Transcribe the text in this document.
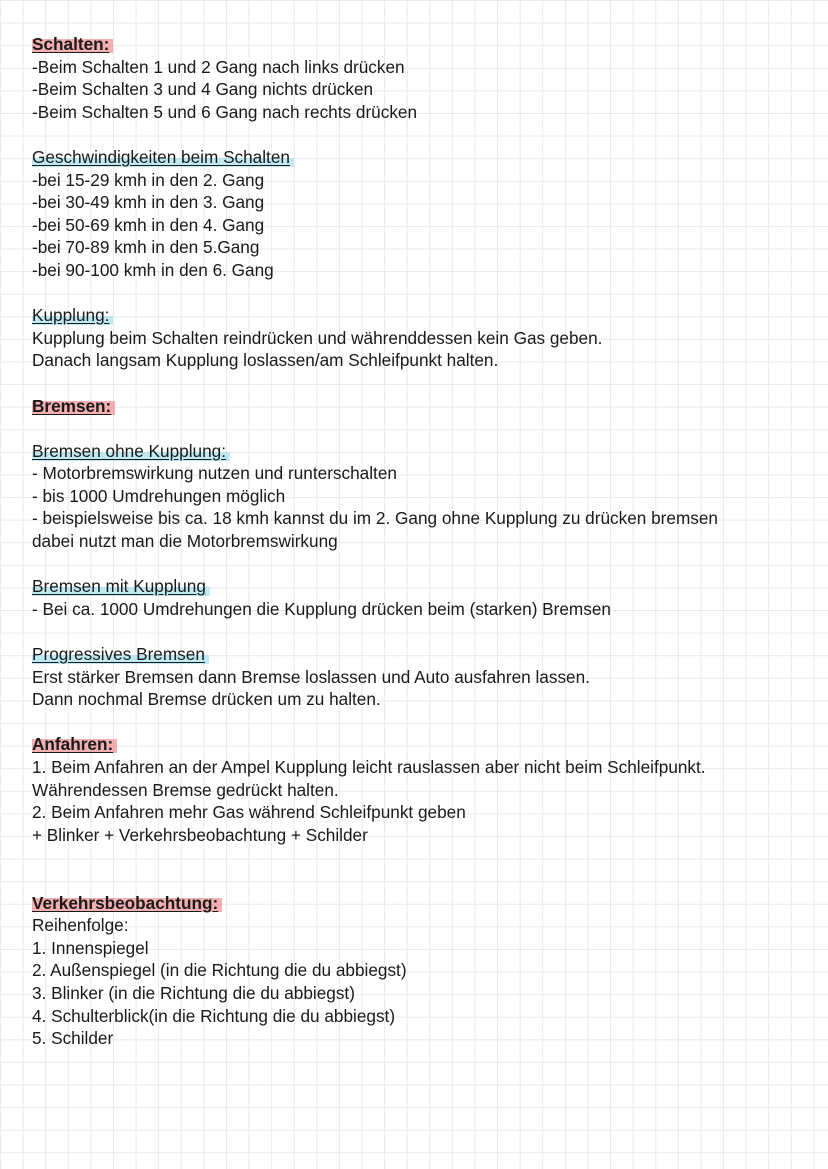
Schalten:

-Beim Schalten 1 und 2 Gang nach links drücken

-Beim Schalten 3 und 4 Gang nichts drücken

-Beim Schalten 5 und 6 Gang nach rechts drücken

Geschwindigkeiten beim Schalten

-bei 15-29 kmh in den 2. Gang

-bei 30-49 kmh in den 3. Gang

-bei 50-69 kmh in den 4. Gang

-bei 70-89 kmh in den 5.Gang

-bei 90-100 kmh in den 6. Gang

Kupplung:

Kupplung beim Schalten reindrücken und währenddessen kein Gas geben.

Danach langsam Kupplung loslassen/am Schleifpunkt halten.

Bremsen:

Bremsen ohne Kupplung:

- Motorbremswirkung nutzen und runterschalten

- bis 1000 Umdrehungen möglich

- beispielsweise bis ca. 18 kmh kannst du im 2. Gang ohne Kupplung zu drücken bremsen

dabei nutzt man die Motorbremswirkung

Bremsen mit Kupplung

- Bei ca. 1000 Umdrehungen die Kupplung drücken beim (starken) Bremsen

Progressives Bremsen

Erst stärker Bremsen dann Bremse loslassen und Auto ausfahren lassen.

Dann nochmal Bremse drücken um zu halten.

Anfahren:

1. Beim Anfahren an der Ampel Kupplung leicht rauslassen aber nicht beim Schleifpunkt.

Währendessen Bremse gedrückt halten.

2. Beim Anfahren mehr Gas während Schleifpunkt geben

+ Blinker + Verkehrsbeobachtung + Schilder

Verkehrsbeobachtung:

Reihenfolge:

1. Innenspiegel

2. Außenspiegel (in die Richtung die du abbiegst)

3. Blinker (in die Richtung die du abbiegst)

4. Schulterblick(in die Richtung die du abbiegst)

5. Schilder
